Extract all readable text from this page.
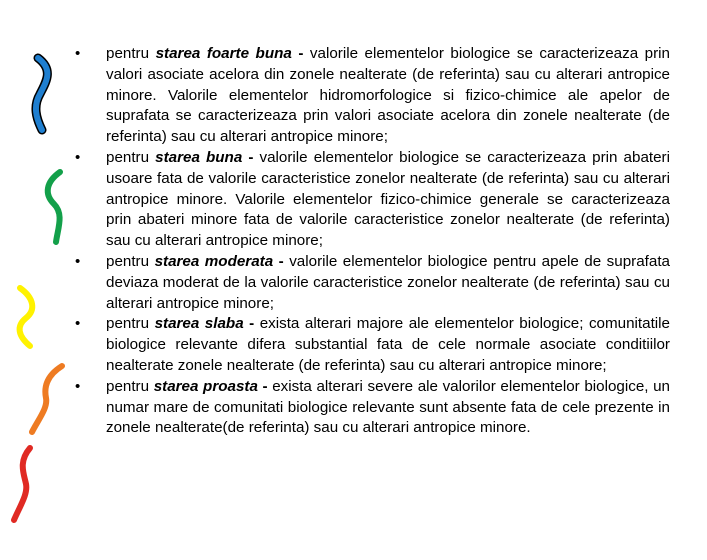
• pentru starea foarte buna - valorile elementelor biologice se caracterizeaza prin valori asociate acelora din zonele nealterate (de referinta) sau cu alterari antropice minore. Valorile elementelor hidromorfologice si fizico-chimice ale apelor de suprafata se caracterizeaza prin valori asociate acelora din zonele nealterate (de referinta) sau cu alterari antropice minore;

• pentru starea buna - valorile elementelor biologice se caracterizeaza prin abateri usoare fata de valorile caracteristice zonelor nealterate (de referinta) sau cu alterari antropice minore. Valorile elementelor fizico-chimice generale se caracterizeaza prin abateri minore fata de valorile caracteristice zonelor nealterate (de referinta) sau cu alterari antropice minore;

• pentru starea moderata - valorile elementelor biologice pentru apele de suprafata deviaza moderat de la valorile caracteristice zonelor nealterate (de referinta) sau cu alterari antropice minore;

• pentru starea slaba - exista alterari majore ale elementelor biologice; comunitatile biologice relevante difera substantial fata de cele normale asociate conditiilor nealterate zonele nealterate (de referinta) sau cu alterari antropice minore;

• pentru starea proasta - exista alterari severe ale valorilor elementelor biologice, un numar mare de comunitati biologice relevante sunt absente fata de cele prezente in zonele nealterate(de referinta) sau cu alterari antropice minore.
